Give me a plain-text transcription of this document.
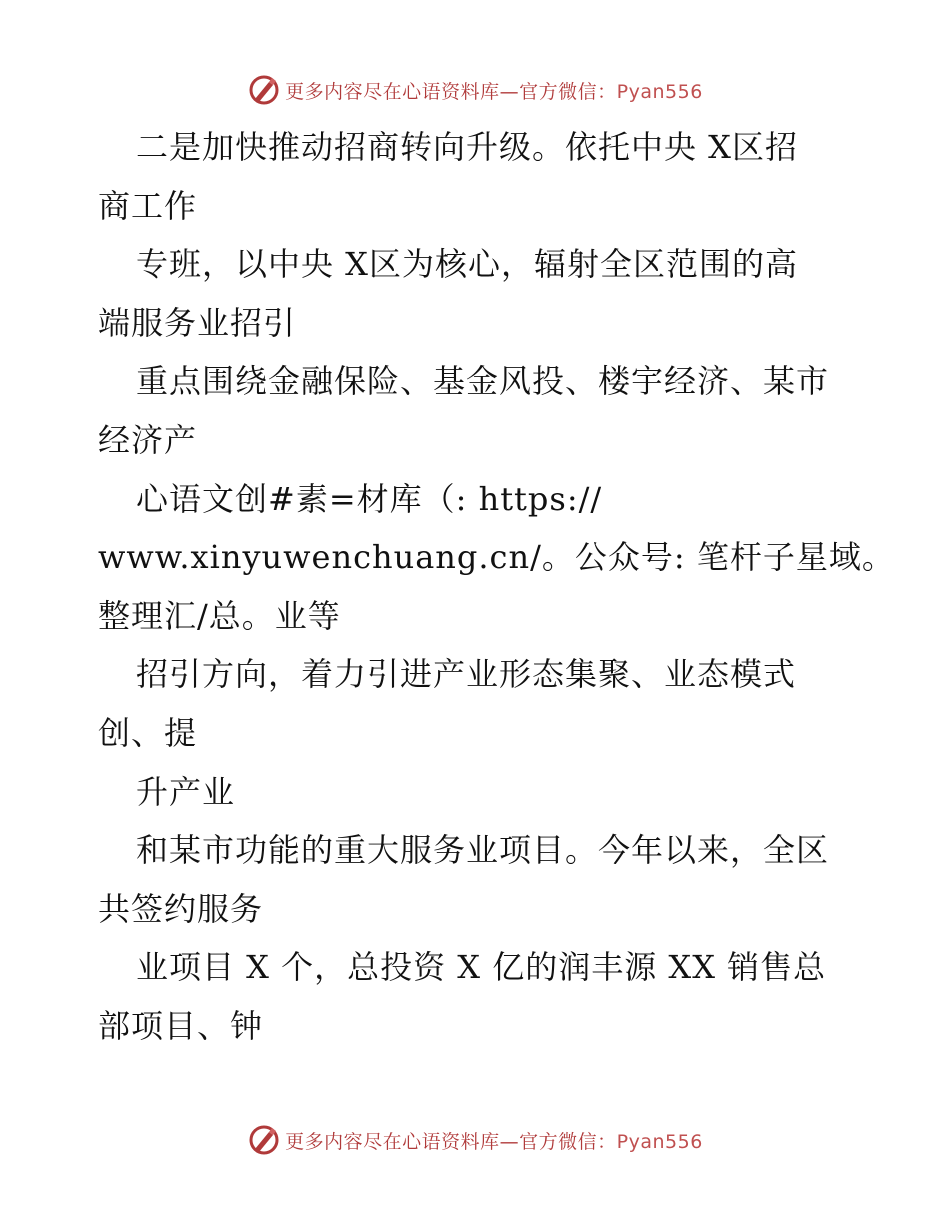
更多内容尽在心语资料库—官方微信：Pyan556
二是加快推动招商转向升级。依托中央 X区招
商工作
专班，以中央 X区为核心，辐射全区范围的高
端服务业招引
重点围绕金融保险、基金风投、楼宇经济、某市
经济产
心语文创#素=材库（: https://
www.xinyuwenchuang.cn/。公众号: 笔杆子星域。
整理汇/总。业等
招引方向，着力引进产业形态集聚、业态模式
创、提
升产业
和某市功能的重大服务业项目。今年以来，全区
共签约服务
业项目 X 个，总投资 X 亿的润丰源 XX 销售总
部项目、钟
更多内容尽在心语资料库—官方微信：Pyan556
